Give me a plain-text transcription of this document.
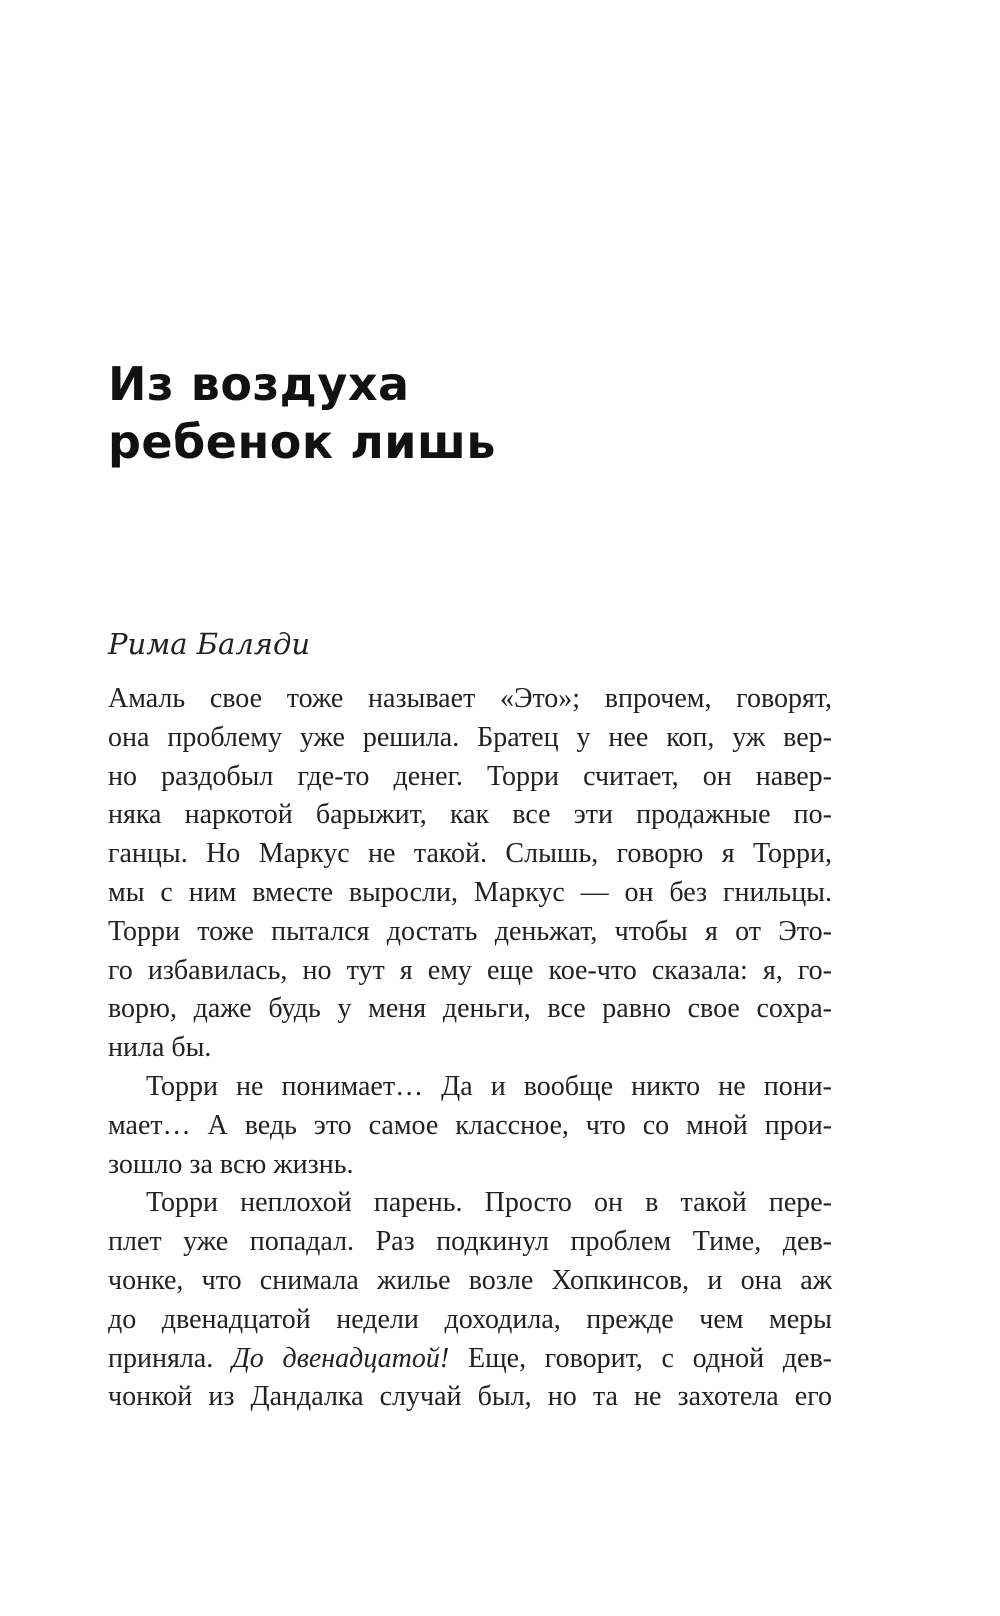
Из воздуха
ребенок лишь

Рима Баляди

Амаль свое тоже называет «Это»; впрочем, говорят,
она проблему уже решила. Братец у нее коп, уж вер-
но раздобыл где-то денег. Торри считает, он навер-
няка наркотой барыжит, как все эти продажные по-
ганцы. Но Маркус не такой. Слышь, говорю я Торри,
мы с ним вместе выросли, Маркус — он без гнильцы.
Торри тоже пытался достать деньжат, чтобы я от Это-
го избавилась, но тут я ему еще кое-что сказала: я, го-
ворю, даже будь у меня деньги, все равно свое сохра-
нила бы.
Торри не понимает… Да и вообще никто не пони-
мает… А ведь это самое классное, что со мной прои-
зошло за всю жизнь.
Торри неплохой парень. Просто он в такой пере-
плет уже попадал. Раз подкинул проблем Тиме, дев-
чонке, что снимала жилье возле Хопкинсов, и она аж
до двенадцатой недели доходила, прежде чем меры
приняла. До двенадцатой! Еще, говорит, с одной дев-
чонкой из Дандалка случай был, но та не захотела его
